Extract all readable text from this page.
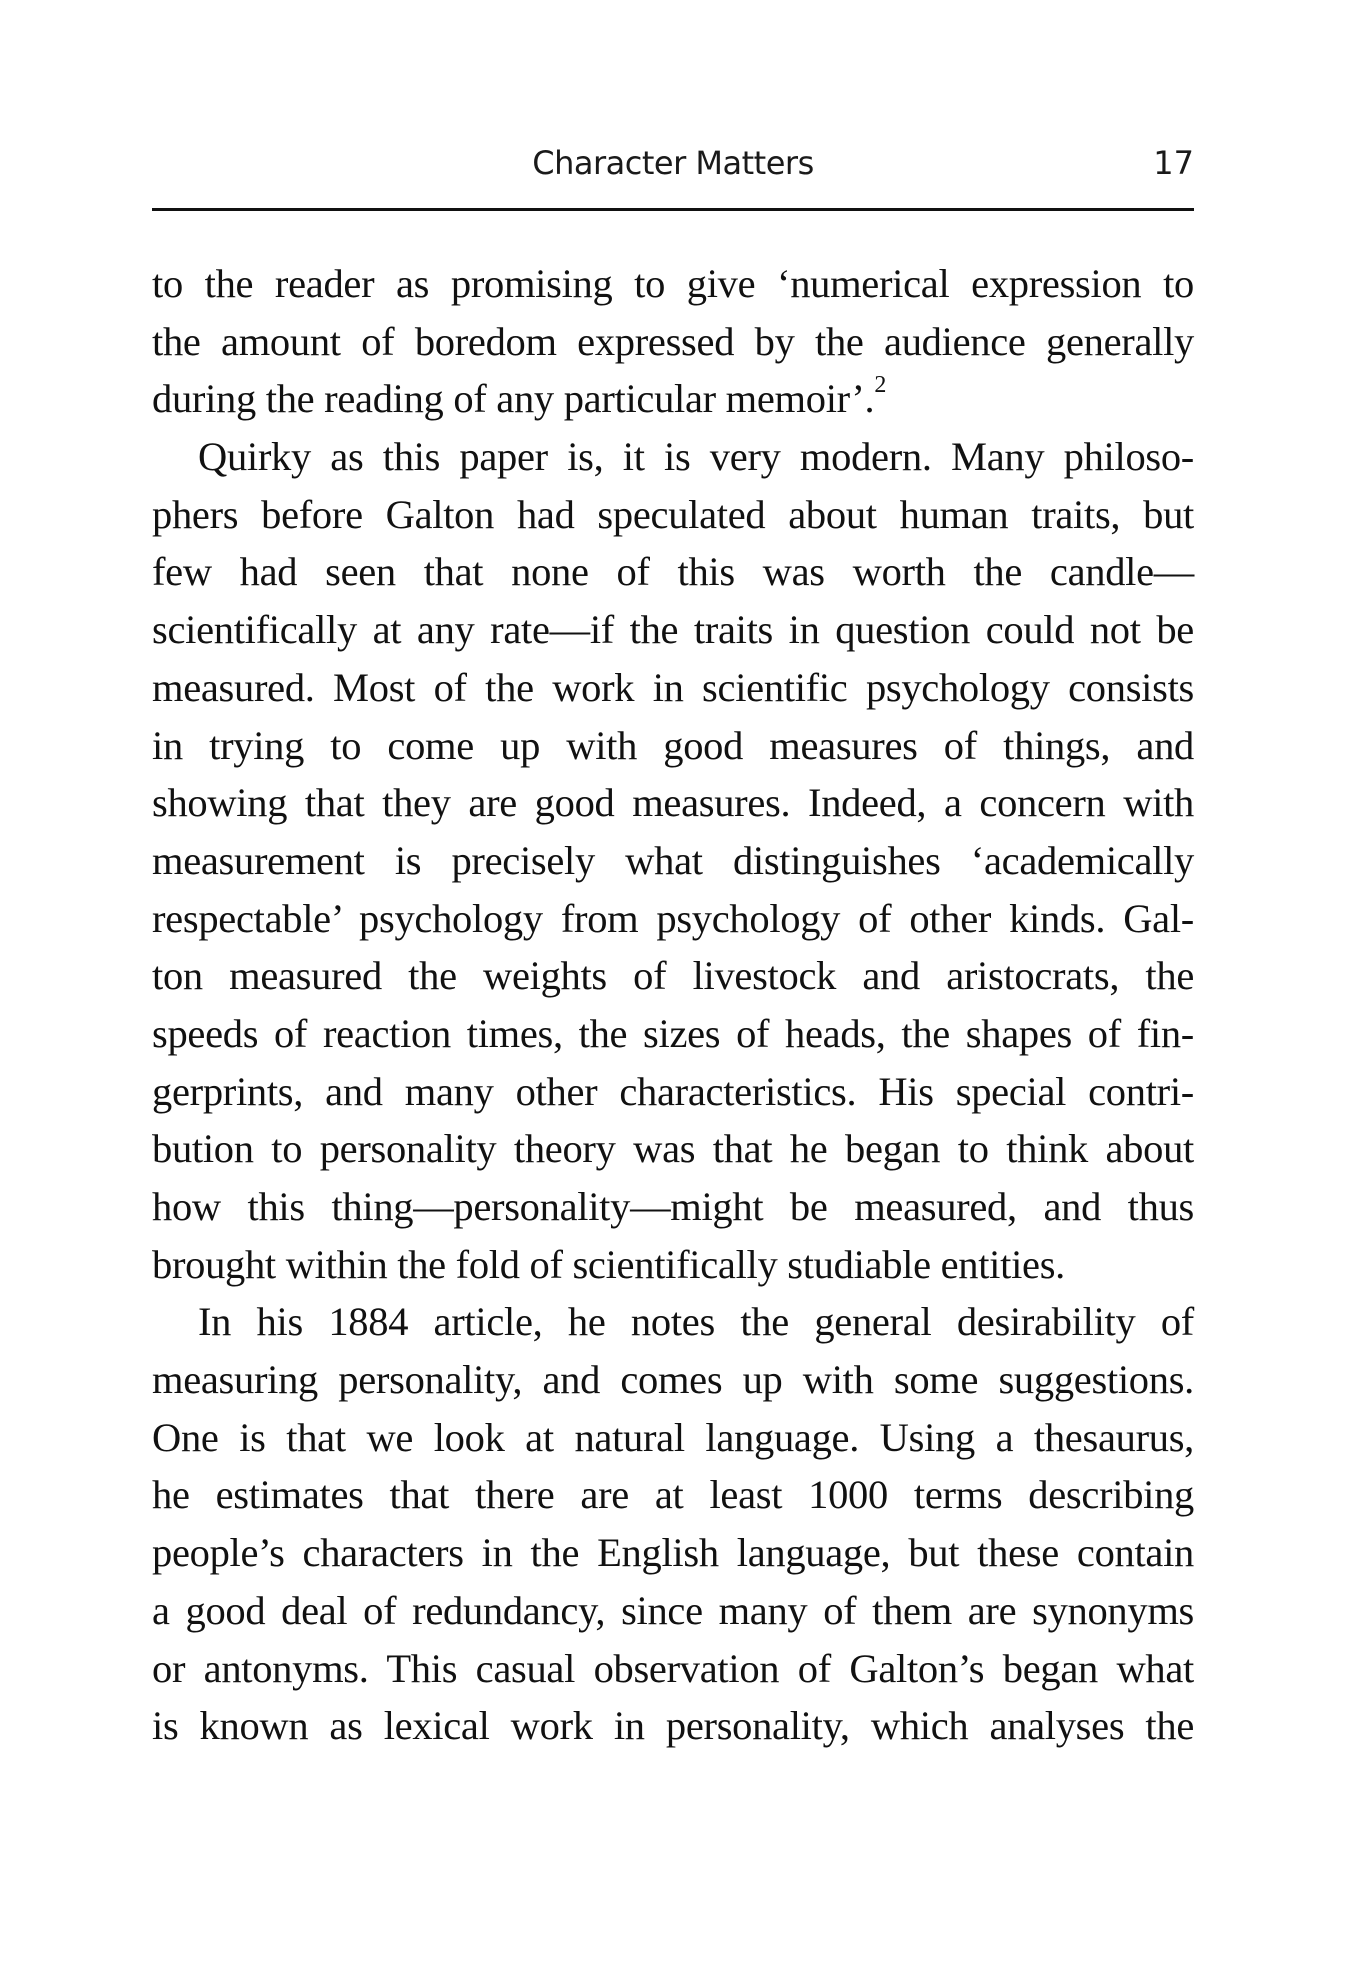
Character Matters	17

to the reader as promising to give ‘numerical expression to
the amount of boredom expressed by the audience generally
during the reading of any particular memoir’.$^2$

Quirky as this paper is, it is very modern. Many philoso-
phers before Galton had speculated about human traits, but
few had seen that none of this was worth the candle—
scientifically at any rate—if the traits in question could not be
measured. Most of the work in scientific psychology consists
in trying to come up with good measures of things, and
showing that they are good measures. Indeed, a concern with
measurement is precisely what distinguishes ‘academically
respectable’ psychology from psychology of other kinds. Gal-
ton measured the weights of livestock and aristocrats, the
speeds of reaction times, the sizes of heads, the shapes of fin-
gerprints, and many other characteristics. His special contri-
bution to personality theory was that he began to think about
how this thing—personality—might be measured, and thus
brought within the fold of scientifically studiable entities.

In his 1884 article, he notes the general desirability of
measuring personality, and comes up with some suggestions.
One is that we look at natural language. Using a thesaurus,
he estimates that there are at least 1000 terms describing
people’s characters in the English language, but these contain
a good deal of redundancy, since many of them are synonyms
or antonyms. This casual observation of Galton’s began what
is known as lexical work in personality, which analyses the
